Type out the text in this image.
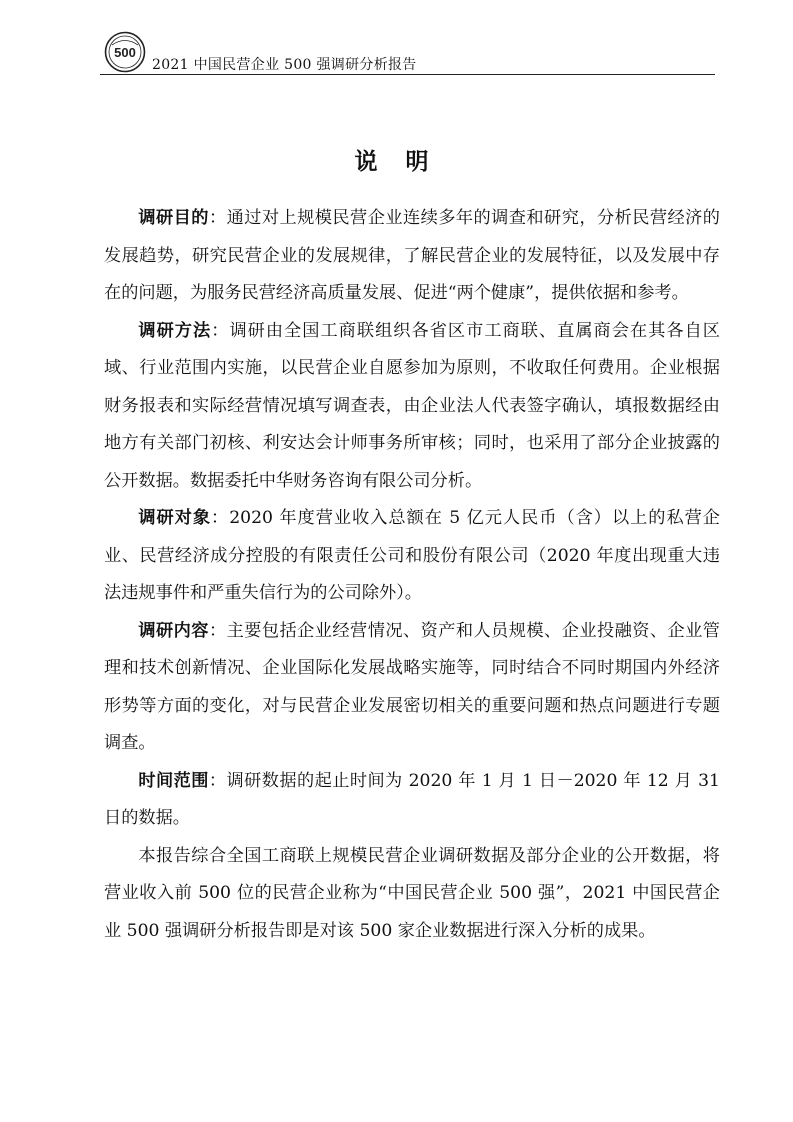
500
2021 中国民营企业 500 强调研分析报告
说 明

调研目的：通过对上规模民营企业连续多年的调查和研究，分析民营经济的发展趋势，研究民营企业的发展规律，了解民营企业的发展特征，以及发展中存在的问题，为服务民营经济高质量发展、促进“两个健康”，提供依据和参考。

调研方法：调研由全国工商联组织各省区市工商联、直属商会在其各自区域、行业范围内实施，以民营企业自愿参加为原则，不收取任何费用。企业根据财务报表和实际经营情况填写调查表，由企业法人代表签字确认，填报数据经由地方有关部门初核、利安达会计师事务所审核；同时，也采用了部分企业披露的公开数据。数据委托中华财务咨询有限公司分析。

调研对象：2020 年度营业收入总额在 5 亿元人民币（含）以上的私营企业、民营经济成分控股的有限责任公司和股份有限公司（2020 年度出现重大违法违规事件和严重失信行为的公司除外）。

调研内容：主要包括企业经营情况、资产和人员规模、企业投融资、企业管理和技术创新情况、企业国际化发展战略实施等，同时结合不同时期国内外经济形势等方面的变化，对与民营企业发展密切相关的重要问题和热点问题进行专题调查。

时间范围：调研数据的起止时间为 2020 年 1 月 1 日－2020 年 12 月 31 日的数据。

本报告综合全国工商联上规模民营企业调研数据及部分企业的公开数据，将营业收入前 500 位的民营企业称为“中国民营企业 500 强”，2021 中国民营企业 500 强调研分析报告即是对该 500 家企业数据进行深入分析的成果。
